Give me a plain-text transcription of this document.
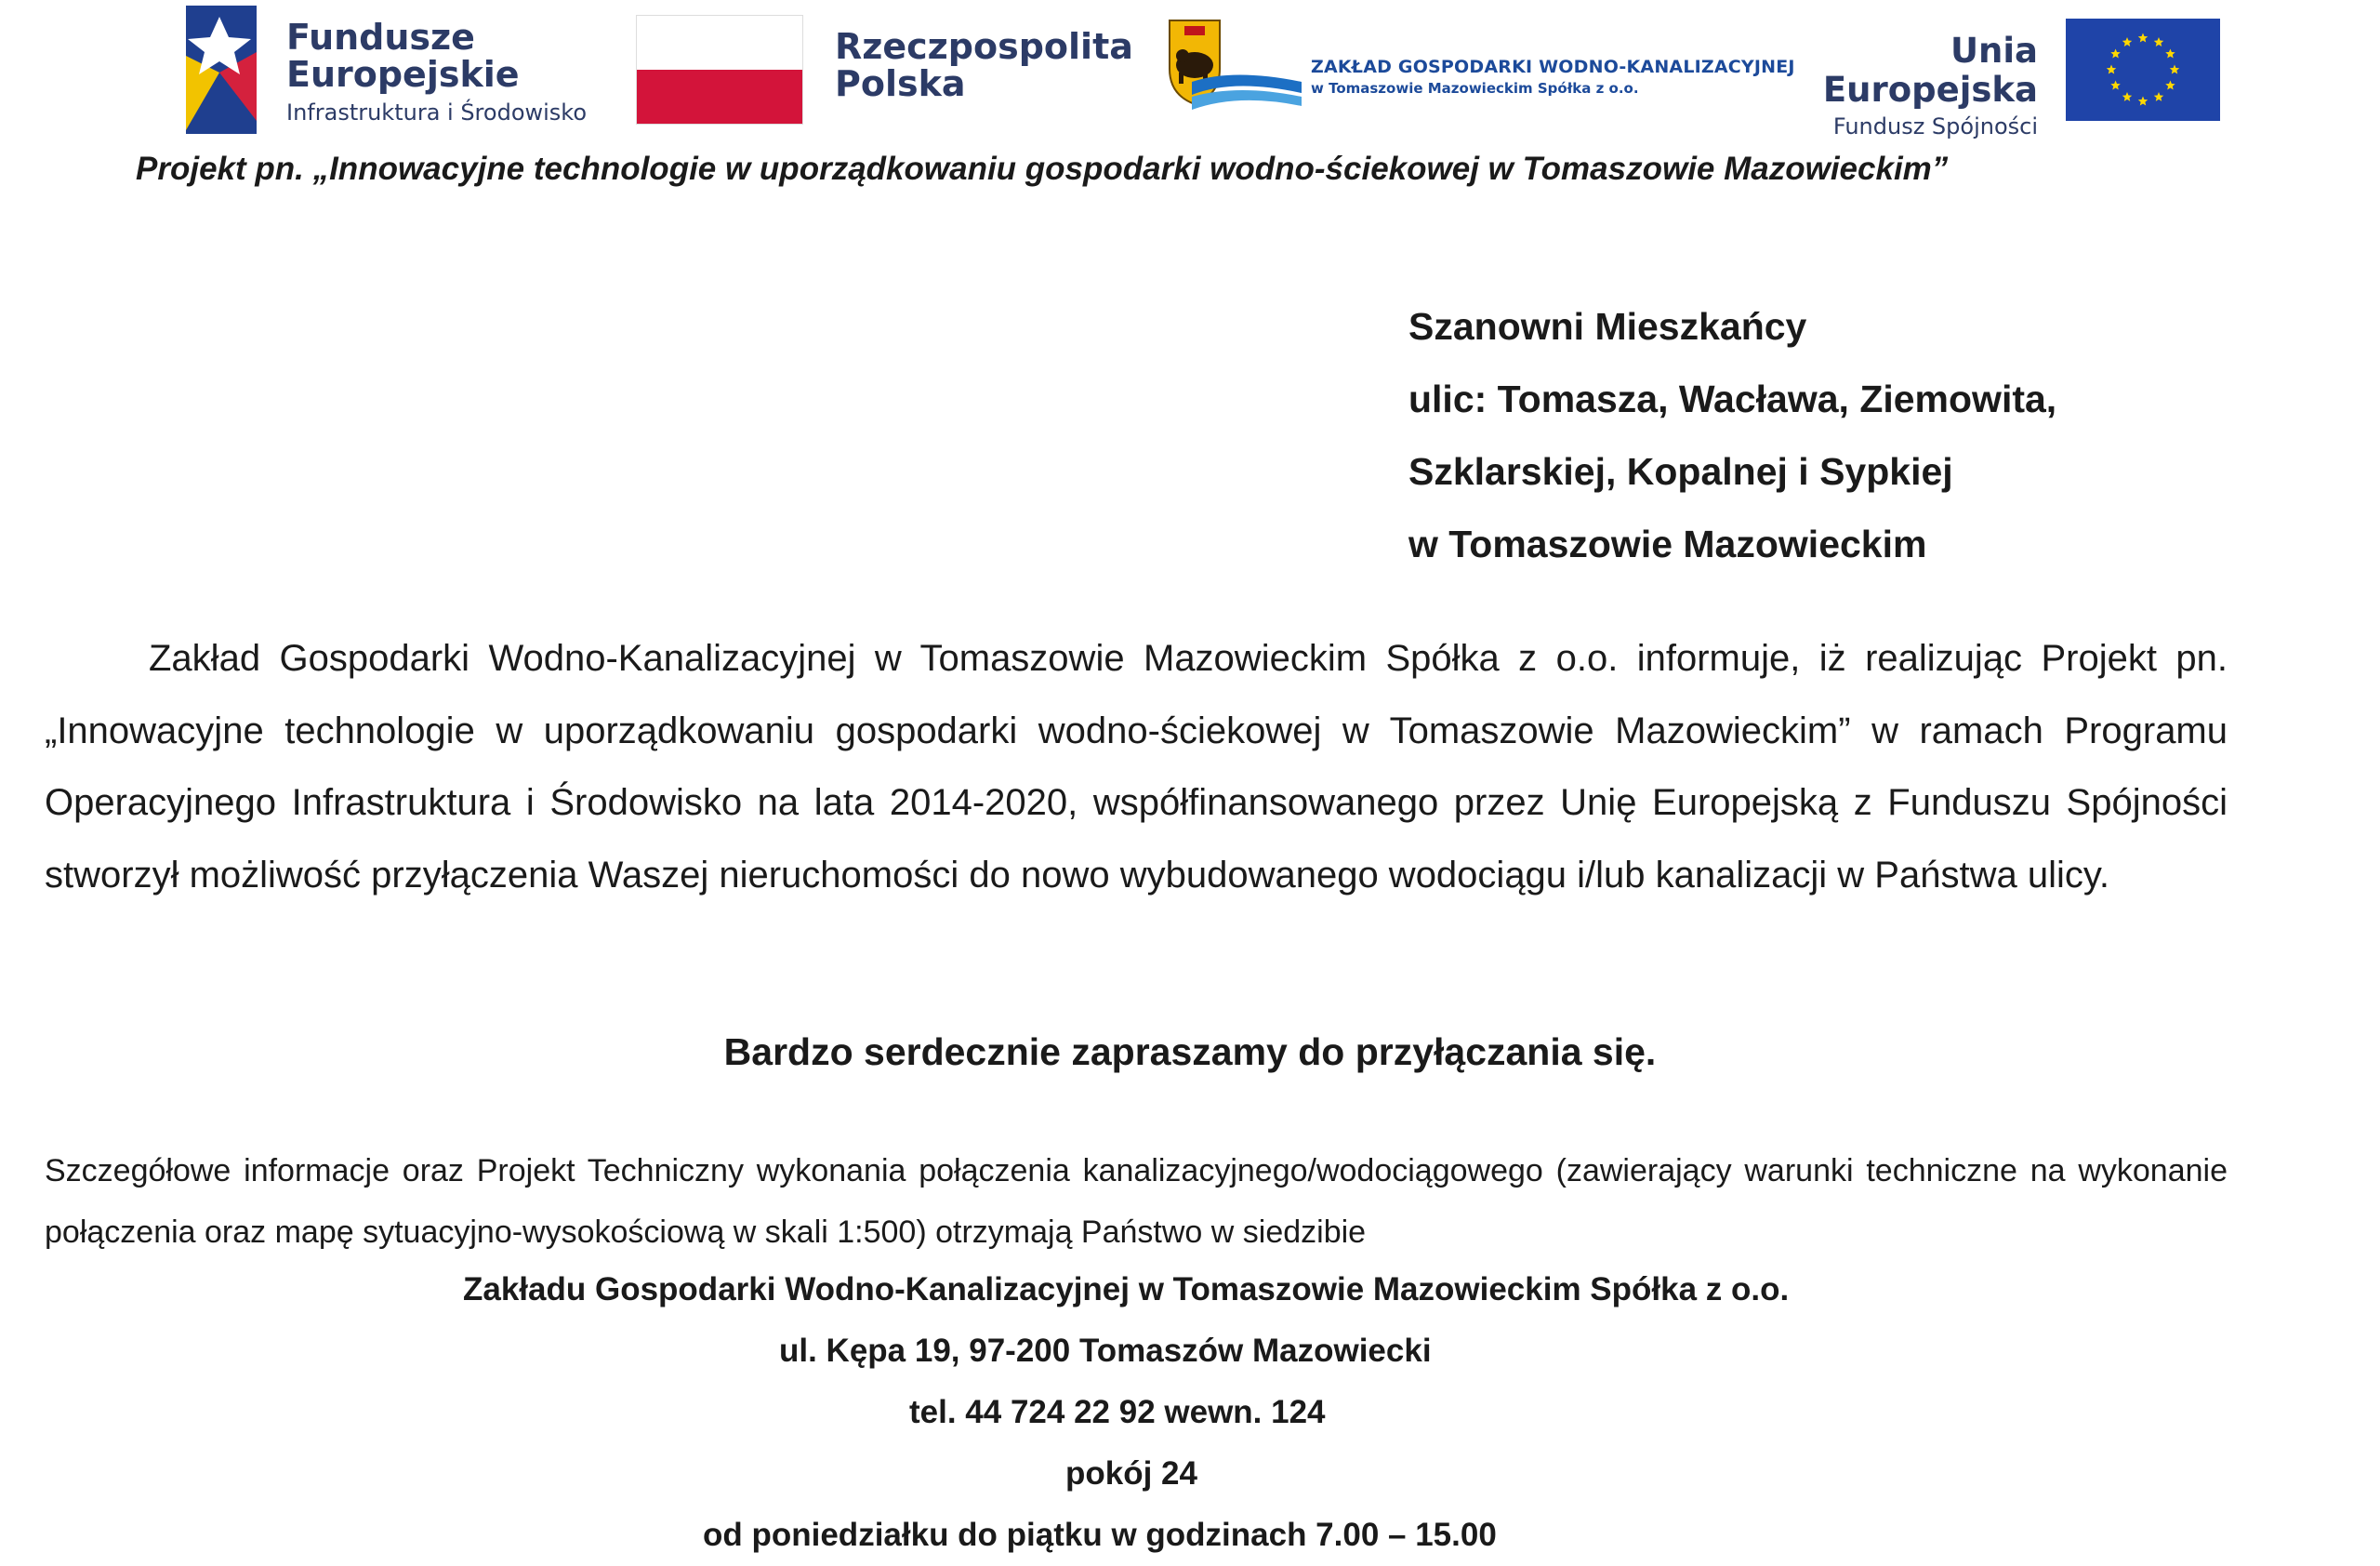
Fundusze
Europejskie
Infrastruktura i Środowisko
Rzeczpospolita
Polska	ZAKŁAD GOSPODARKI WODNO-KANALIZACYJNEJ
w Tomaszowie Mazowieckim Spółka z o.o.
Unia Europejska
Fundusz Spójności
Projekt pn. „Innowacyjne technologie w uporządkowaniu gospodarki wodno-ściekowej w Tomaszowie Mazowieckim”
Szanowni Mieszkańcy
ulic: Tomasza, Wacława, Ziemowita,
Szklarskiej, Kopalnej i Sypkiej
w Tomaszowie Mazowieckim
Zakład Gospodarki Wodno-Kanalizacyjnej w Tomaszowie Mazowieckim Spółka z o.o. informuje, iż realizując Projekt pn. „Innowacyjne technologie w uporządkowaniu gospodarki wodno-ściekowej w Tomaszowie Mazowieckim” w ramach Programu Operacyjnego Infrastruktura i Środowisko na lata 2014-2020, współfinansowanego przez Unię Europejską z Funduszu Spójności stworzył możliwość przyłączenia Waszej nieruchomości do nowo wybudowanego wodociągu i/lub kanalizacji w Państwa ulicy.
Bardzo serdecznie zapraszamy do przyłączania się.
Szczegółowe informacje oraz Projekt Techniczny wykonania połączenia kanalizacyjnego/wodociągowego (zawierający warunki techniczne na wykonanie połączenia oraz mapę sytuacyjno-wysokościową w skali 1:500) otrzymają Państwo w siedzibie
Zakładu Gospodarki Wodno-Kanalizacyjnej w Tomaszowie Mazowieckim Spółka z o.o.
ul. Kępa 19, 97-200 Tomaszów Mazowiecki
tel. 44 724 22 92 wewn. 124
pokój 24
od poniedziałku do piątku w godzinach 7.00 – 15.00
